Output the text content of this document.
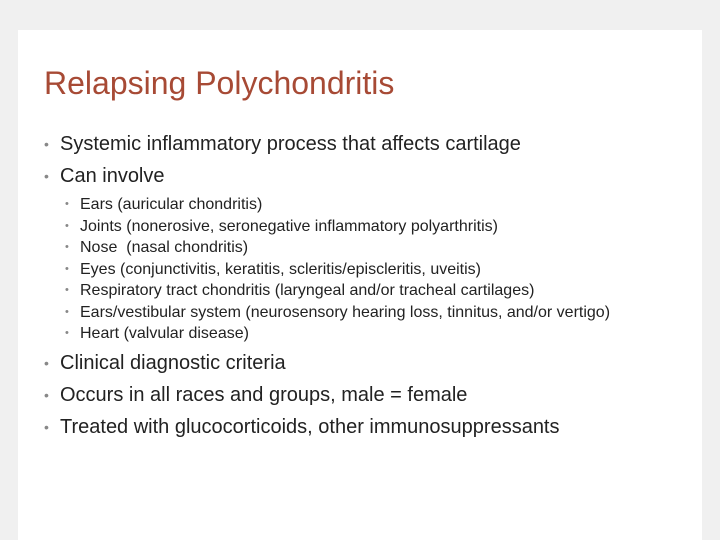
Relapsing Polychondritis
• Systemic inflammatory process that affects cartilage
• Can involve
• Ears (auricular chondritis)
• Joints (nonerosive, seronegative inflammatory polyarthritis)
• Nose  (nasal chondritis)
• Eyes (conjunctivitis, keratitis, scleritis/episcleritis, uveitis)
• Respiratory tract chondritis (laryngeal and/or tracheal cartilages)
• Ears/vestibular system (neurosensory hearing loss, tinnitus, and/or vertigo)
• Heart (valvular disease)
• Clinical diagnostic criteria
• Occurs in all races and groups, male = female
• Treated with glucocorticoids, other immunosuppressants
